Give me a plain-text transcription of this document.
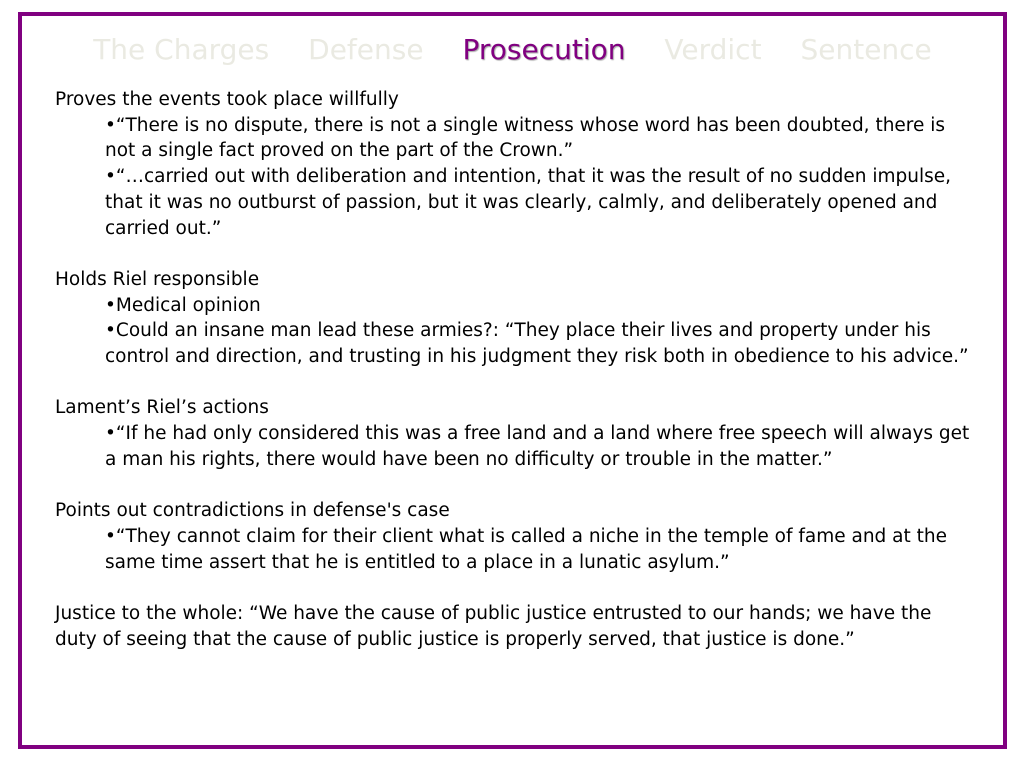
The Charges Defense Prosecution Verdict Sentence

Proves the events took place willfully

•“There is no dispute, there is not a single witness whose word has been doubted, there is not a single fact proved on the part of the Crown.”

•“…carried out with deliberation and intention, that it was the result of no sudden impulse, that it was no outburst of passion, but it was clearly, calmly, and deliberately opened and carried out.”

Holds Riel responsible

•Medical opinion

•Could an insane man lead these armies?: “They place their lives and property under his control and direction, and trusting in his judgment they risk both in obedience to his advice.”

Lament’s Riel’s actions

•“If he had only considered this was a free land and a land where free speech will always get a man his rights, there would have been no difficulty or trouble in the matter.”

Points out contradictions in defense's case

•“They cannot claim for their client what is called a niche in the temple of fame and at the same time assert that he is entitled to a place in a lunatic asylum.”

Justice to the whole: “We have the cause of public justice entrusted to our hands; we have the duty of seeing that the cause of public justice is properly served, that justice is done.”
